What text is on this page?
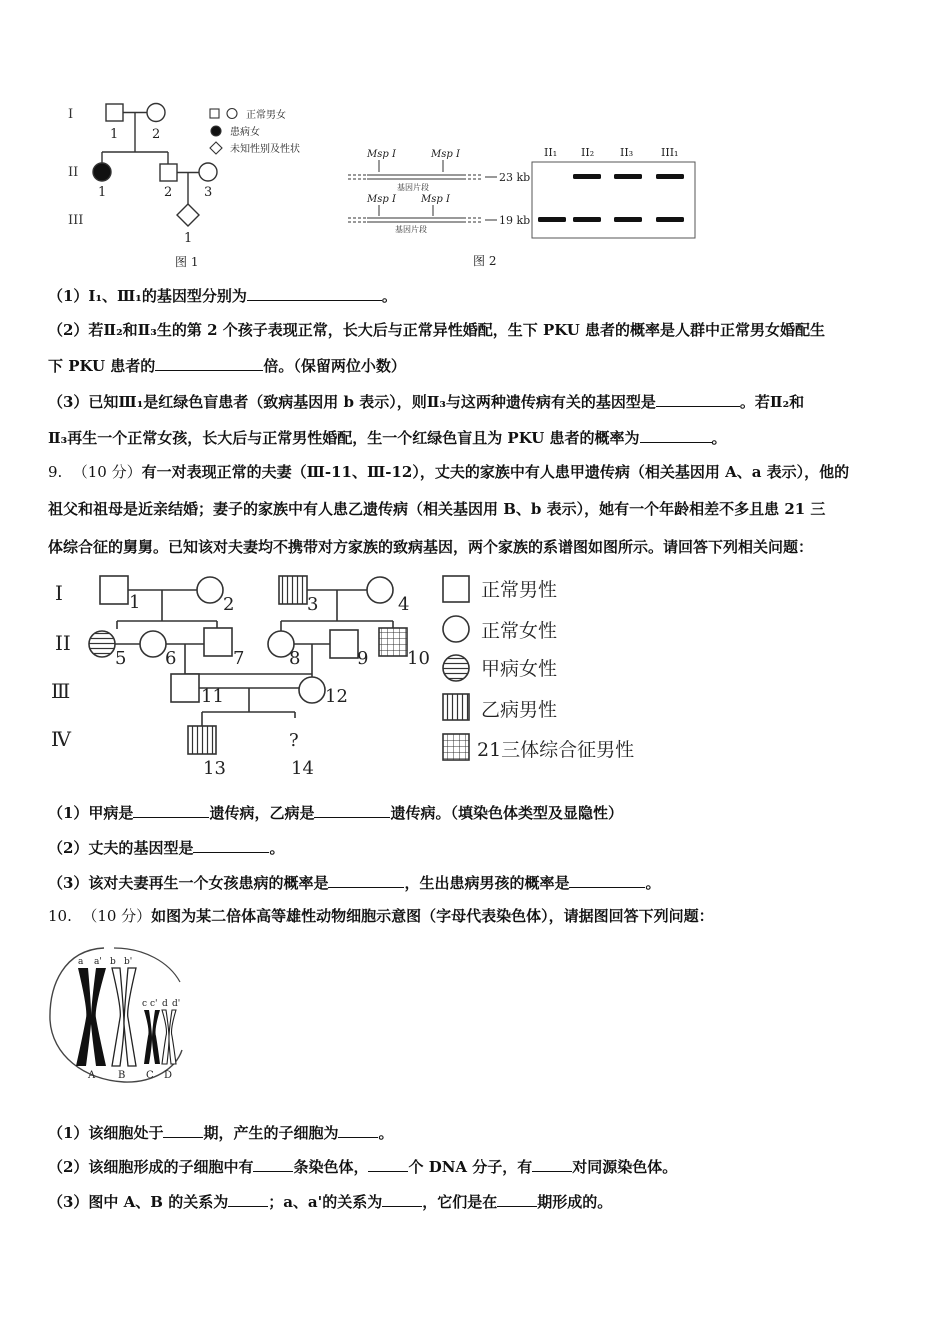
I
II
III
1	2
1	2 3
1
图 1
正常男女
患病女
未知性别及性状	Msp I	Msp I
Msp I	Msp I
基因片段
基因片段
23 kb
19 kb
II₁ II₂ II₃	III₁
图 2
（1）I₁、Ⅲ₁的基因型分别为	。
（2）若Ⅱ₂和Ⅱ₃生的第 2 个孩子表现正常，长大后与正常异性婚配，生下 PKU 患者的概率是人群中正常男女婚配生
下 PKU 患者的	倍。（保留两位小数）
（3）已知Ⅲ₁是红绿色盲患者（致病基因用 b 表示），则Ⅱ₃与这两种遗传病有关的基因型是	。若Ⅱ₂和
Ⅱ₃再生一个正常女孩，长大后与正常男性婚配，生一个红绿色盲且为 PKU 患者的概率为	。
9. （10 分）有一对表现正常的夫妻（Ⅲ-11、Ⅲ-12），丈夫的家族中有人患甲遗传病（相关基因用 A、a 表示），他的
祖父和祖母是近亲结婚；妻子的家族中有人患乙遗传病（相关基因用 B、b 表示），她有一个年龄相差不多且患 21 三
体综合征的舅舅。已知该对夫妻均不携带对方家族的致病基因，两个家族的系谱图如图所示。请回答下列相关问题：
I
II
Ⅲ
Ⅳ
1	2	3	4
5 6	7 8	9 10
11	12
?
13	14
正常男性
正常女性
甲病女性
乙病男性
21三体综合征男性
（1）甲病是	遗传病，乙病是	遗传病。（填染色体类型及显隐性）
（2）丈夫的基因型是	。
（3）该对夫妻再生一个女孩患病的概率是	，生出患病男孩的概率是	。
10. （10 分）如图为某二倍体高等雄性动物细胞示意图（字母代表染色体），请据图回答下列问题：
a a' b b'
c c' d d'
A B C D
（1）该细胞处于	期，产生的子细胞为	。
（2）该细胞形成的子细胞中有	条染色体，	个 DNA 分子，有	对同源染色体。
（3）图中 A、B 的关系为	；a、a'的关系为	，它们是在	期形成的。
